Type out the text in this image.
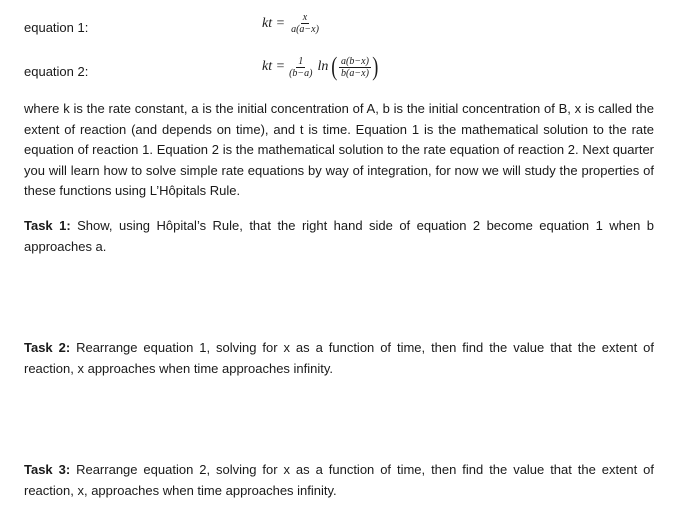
equation 1:	kt = $\frac{x}{a(a-x)}$
equation 2:	kt = $\frac{1}{(b-a)}$ ln ( $\frac{a(b-x)}{b(a-x)}$ )

where k is the rate constant, a is the initial concentration of A, b is the initial concentration of B, x is called the extent of reaction (and depends on time), and t is time. Equation 1 is the mathematical solution to the rate equation of reaction 1. Equation 2 is the mathematical solution to the rate equation of reaction 2. Next quarter you will learn how to solve simple rate equations by way of integration, for now we will study the properties of these functions using L’Hôpitals Rule.

Task 1: Show, using Hôpital’s Rule, that the right hand side of equation 2 become equation 1 when b approaches a.

Task 2: Rearrange equation 1, solving for x as a function of time, then find the value that the extent of reaction, x approaches when time approaches infinity.

Task 3: Rearrange equation 2, solving for x as a function of time, then find the value that the extent of reaction, x, approaches when time approaches infinity.
